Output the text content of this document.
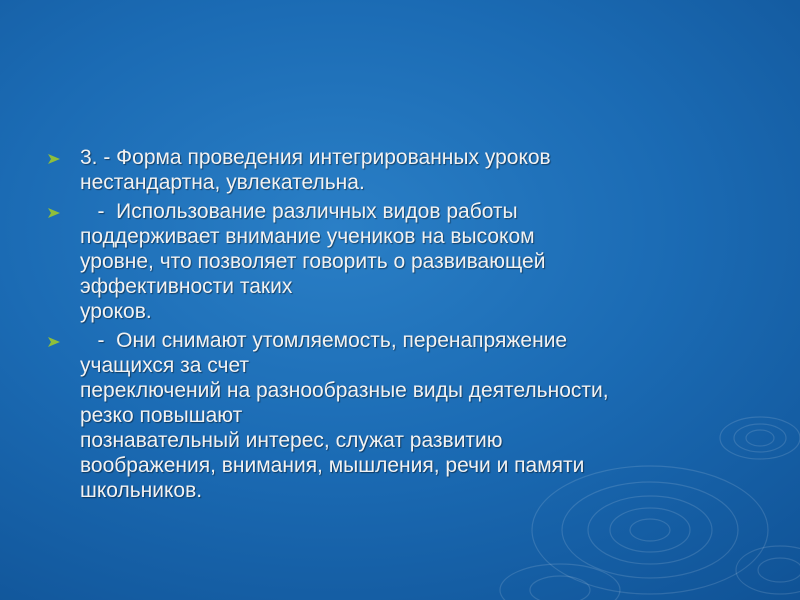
3. - Форма проведения интегрированных уроков
нестандартна, увлекательна.
-  Использование различных видов работы
поддерживает внимание учеников на высоком
уровне, что позволяет говорить о развивающей
эффективности таких
уроков.
-  Они снимают утомляемость, перенапряжение
учащихся за счет
переключений на разнообразные виды деятельности,
резко повышают
познавательный интерес, служат развитию
воображения, внимания, мышления, речи и памяти
школьников.
